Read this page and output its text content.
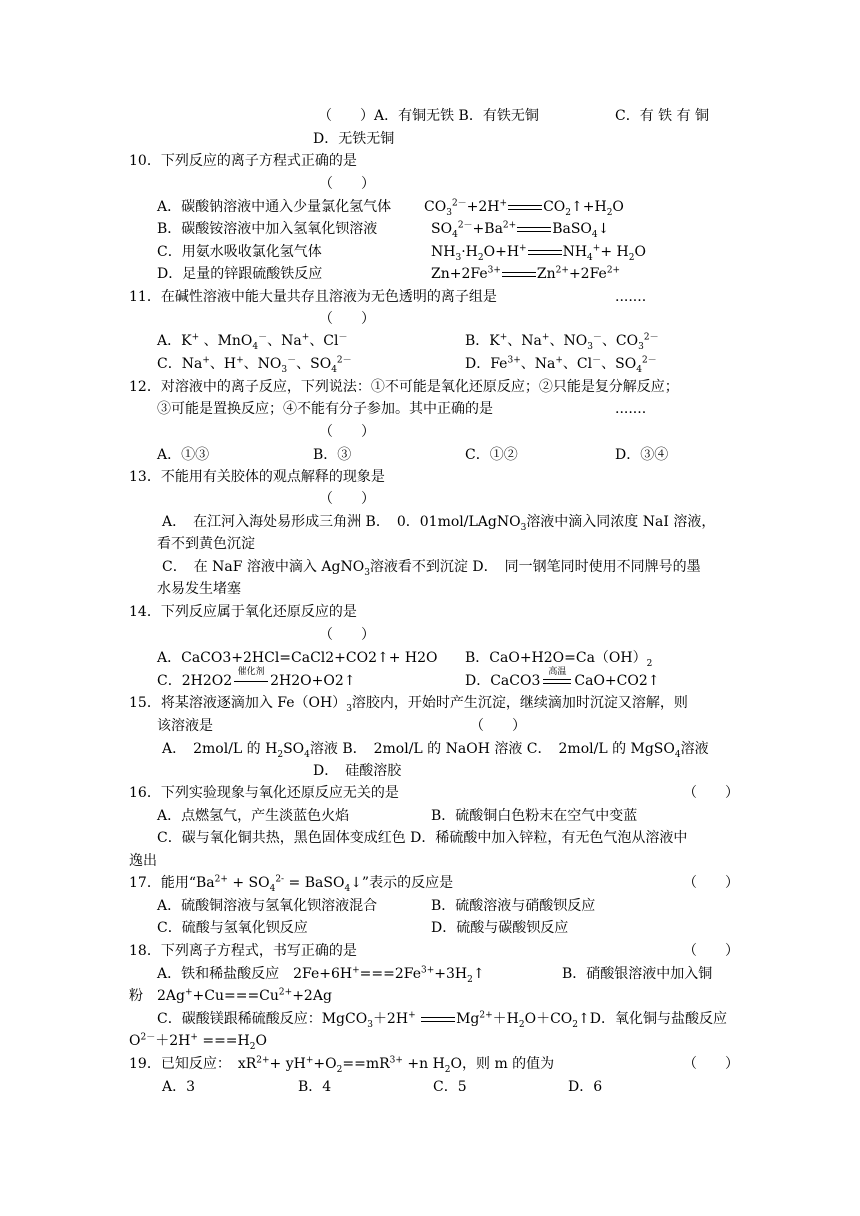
（　　）A．有铜无铁 B．有铁无铜	C．有 铁 有 铜
D．无铁无铜
10．下列反应的离子方程式正确的是
（　　）
A．碳酸钠溶液中通入少量氯化氢气体 $CO_3^{2-}+2H^+$	$CO_2↑+H_2O$
B．碳酸铵溶液中加入氢氧化钡溶液	$SO_4^{2-}+Ba^{2+}$	BaSO$_4$↓
C．用氨水吸收氯化氢气体	$NH_3\cdot H_2O+H^+$	$NH_4^++ H_2O$
D．足量的锌跟硫酸铁反应	$Zn+2Fe^{3+}$	$Zn^{2+}+2Fe^{2+}$
11．在碱性溶液中能大量共存且溶液为无色透明的离子组是	.......
（　　）
A．K+ 、MnO$_4$－、Na+、Cl－	B．K+、Na+、$NO_3^-$、$CO_3^{2-}$
C．Na+、H+、$NO_3^-$、$SO_4^{2-}$	D．$Fe^{3+}$、Na+、Cl－、$SO_4^{2-}$
12．对溶液中的离子反应，下列说法：①不可能是氧化还原反应；②只能是复分解反应；
③可能是置换反应；④不能有分子参加。其中正确的是	.......
（　　）
A．①③	B．③	C．①②	D．③④
13．不能用有关胶体的观点解释的现象是
（　　）
A．　在江河入海处易形成三角洲 B．　0．01mol/LAgNO$_3$溶液中滴入同浓度 NaI 溶液，
看不到黄色沉淀
C．　在 NaF 溶液中滴入 AgNO$_3$溶液看不到沉淀 D．　同一钢笔同时使用不同牌号的墨
水易发生堵塞
14．下列反应属于氧化还原反应的是
（　　）
A．CaCO3+2HCl=CaCl2+CO2↑+ H2O B．$CaO+H2O=Ca(OH)_2$
C．2H2O2
催化剂
2H2O+O2↑	D．CaCO3
高温
CaO+CO2↑
15．将某溶液逐滴加入 $Fe(OH)_3$溶胶内，开始时产生沉淀，继续滴加时沉淀又溶解，则
该溶液是	（　　）
A．　2mol/L 的 $H_2SO_4$溶液 B．　2mol/L 的 NaOH 溶液 C．　2mol/L 的 MgSO$_4$溶液
D．　硅酸溶胶
16．下列实验现象与氧化还原反应无关的是	（　　）
A．点燃氢气，产生淡蓝色火焰	B．硫酸铜白色粉末在空气中变蓝
C．碳与氧化铜共热，黑色固体变成红色 D．稀硫酸中加入锌粒，有无色气泡从溶液中
逸出
17．能用“$Ba^{2+} + SO_4^{2-}$ = BaSO$_4$↓”表示的反应是	（　　）
A．硫酸铜溶液与氢氧化钡溶液混合	B．硫酸溶液与硝酸钡反应
C．硫酸与氢氧化钡反应	D．硫酸与碳酸钡反应
18．下列离子方程式，书写正确的是	（　　）
A．铁和稀盐酸反应　$2Fe+6H^+===2Fe^{3+}+3H_2↑$	B．硝酸银溶液中加入铜
粉　$2Ag^++Cu===Cu^{2+}+2Ag$
C．碳酸镁跟稀硫酸反应：MgCO$_3$＋2H+	$Mg^{2+}+H_2O+CO_2↑D$．氧化铜与盐酸反应
$O^{2-}+2H^+ ===H_2O$
19．已知反应：　$xR^{2+}+ yH^++O_2==mR^{3+} +n$ $H_2O$，则 m 的值为	（　　）
A．3	B．4	C．5	D．6
